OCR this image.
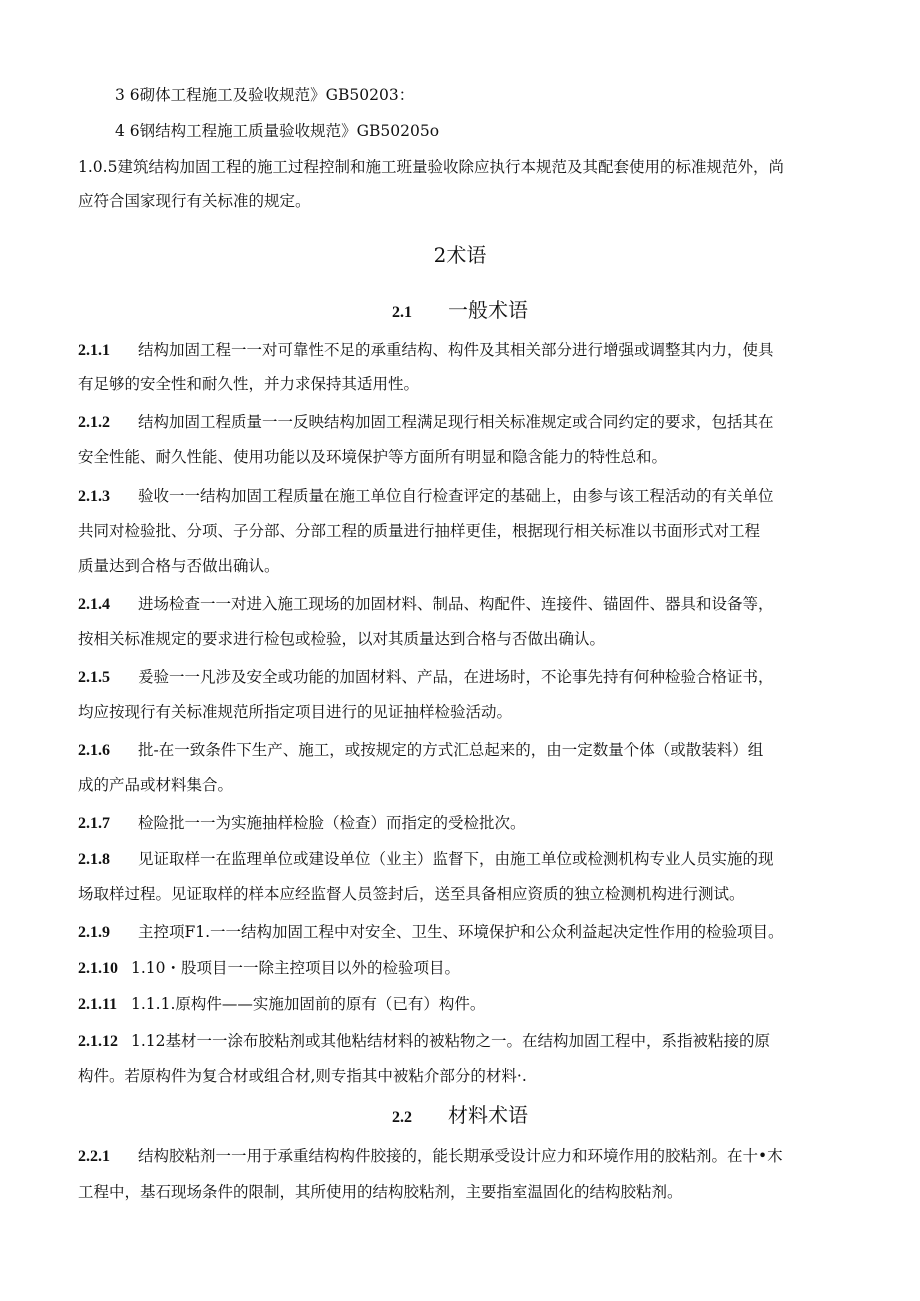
3 6砌体工程施工及验收规范》GB50203：
4 6钢结构工程施工质量验收规范》GB50205o
1.0.5建筑结构加固工程的施工过程控制和施工班量验收除应执行本规范及其配套使用的标准规范外，尚
应符合国家现行有关标准的规定。
2术语
2.1 一般术语
2.1.1 结构加固工程一一对可靠性不足的承重结构、构件及其相关部分进行增强或调整其内力，使具
有足够的安全性和耐久性，并力求保持其适用性。
2.1.2 结构加固工程质量一一反映结构加固工程满足现行相关标准规定或合同约定的要求，包括其在
安全性能、耐久性能、使用功能以及环境保护等方面所有明显和隐含能力的特性总和。
2.1.3 验收一一结构加固工程质量在施工单位自行检查评定的基础上，由参与该工程活动的有关单位
共同对检验批、分项、子分部、分部工程的质量进行抽样更佳，根据现行相关标准以书面形式对工程
质量达到合格与否做出确认。
2.1.4 进场检查一一对进入施工现场的加固材料、制品、构配件、连接件、锚固件、器具和设备等，
按相关标准规定的要求进行检包或检验，以对其质量达到合格与否做出确认。
2.1.5 爰验一一凡涉及安全或功能的加固材料、产品，在进场时，不论事先持有何种检验合格证书，
均应按现行有关标准规范所指定项目进行的见证抽样检验活动。
2.1.6 批-在一致条件下生产、施工，或按规定的方式汇总起来的，由一定数量个体（或散装料）组
成的产品或材料集合。
2.1.7 检险批一一为实施抽样检脸（检查）而指定的受检批次。
2.1.8 见证取样一在监理单位或建设单位（业主）监督下，由施工单位或检测机构专业人员实施的现
场取样过程。见证取样的样本应经监督人员签封后，送至具备相应资质的独立检测机构进行测试。
2.1.9 主控项F1.一一结构加固工程中对安全、卫生、环境保护和公众利益起决定性作用的检验项目。
2.1.10 1.10・股项目一一除主控项目以外的检验项目。
2.1.11 1.1.1.原构件——实施加固前的原有（已有）构件。
2.1.12 1.12基材一一涂布胶粘剂或其他粘结材料的被粘物之一。在结构加固工程中，系指被粘接的原
构件。若原构件为复合材或组合材,则专指其中被粘介部分的材料·.
2.2 材料术语
2.2.1 结构胶粘剂一一用于承重结构构件胶接的，能长期承受设计应力和环境作用的胶粘剂。在十•木
工程中，基石现场条件的限制，其所使用的结构胶粘剂，主要指室温固化的结构胶粘剂。
